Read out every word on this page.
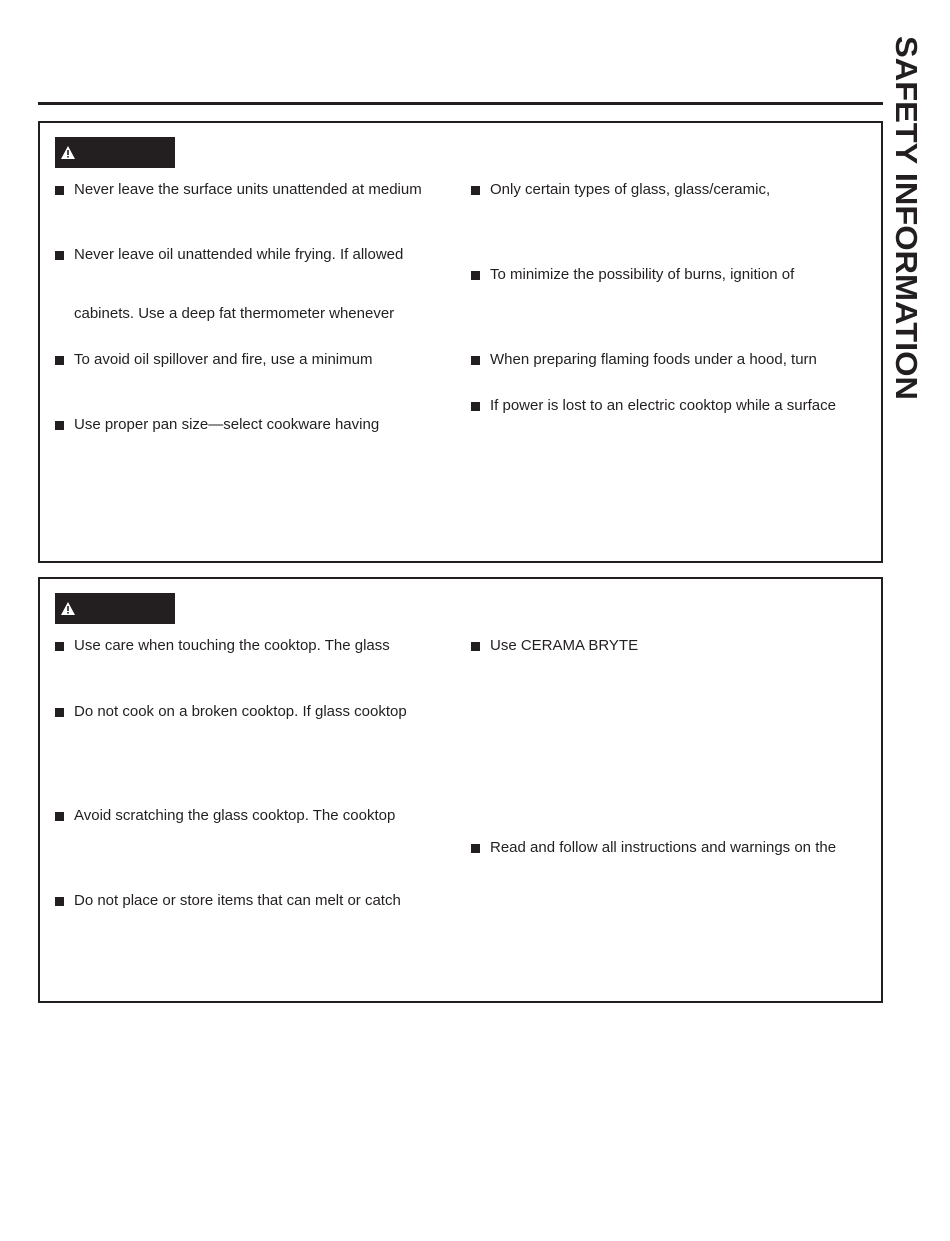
SAFETY INFORMATION
Never leave the surface units unattended at medium
Never leave oil unattended while frying. If allowed
cabinets. Use a deep fat thermometer whenever
To avoid oil spillover and fire, use a minimum
Use proper pan size—select cookware having
Only certain types of glass, glass/ceramic,
To minimize the possibility of burns, ignition of
When preparing flaming foods under a hood, turn
If power is lost to an electric cooktop while a surface
Use care when touching the cooktop. The glass
Do not cook on a broken cooktop. If glass cooktop
Avoid scratching the glass cooktop. The cooktop
Do not place or store items that can melt or catch
Use CERAMA BRYTE
Read and follow all instructions and warnings on the
